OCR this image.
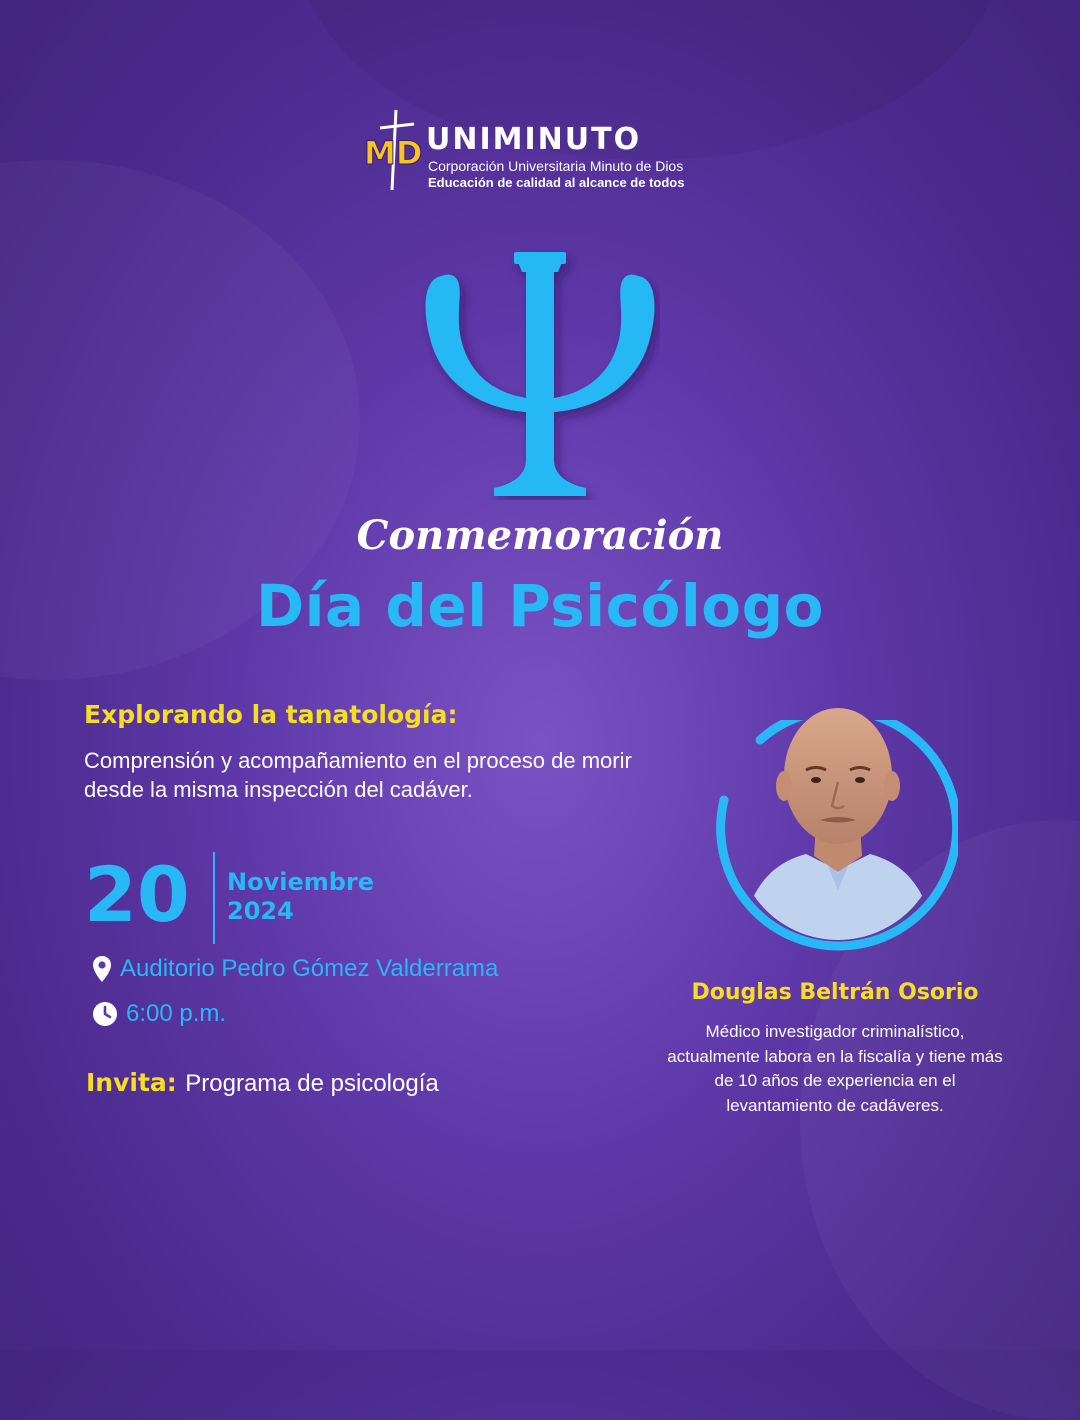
MD UNIMINUTO
Corporación Universitaria Minuto de Dios
Educación de calidad al alcance de todos
Conmemoración
Día del Psicólogo
Explorando la tanatología:
Comprensión y acompañamiento en el proceso de morir desde la misma inspección del cadáver.
20 Noviembre
2024
Auditorio Pedro Gómez Valderrama
6:00 p.m.
Invita: Programa de psicología
Douglas Beltrán Osorio
Médico investigador criminalístico, actualmente labora en la fiscalía y tiene más de 10 años de experiencia en el levantamiento de cadáveres.
